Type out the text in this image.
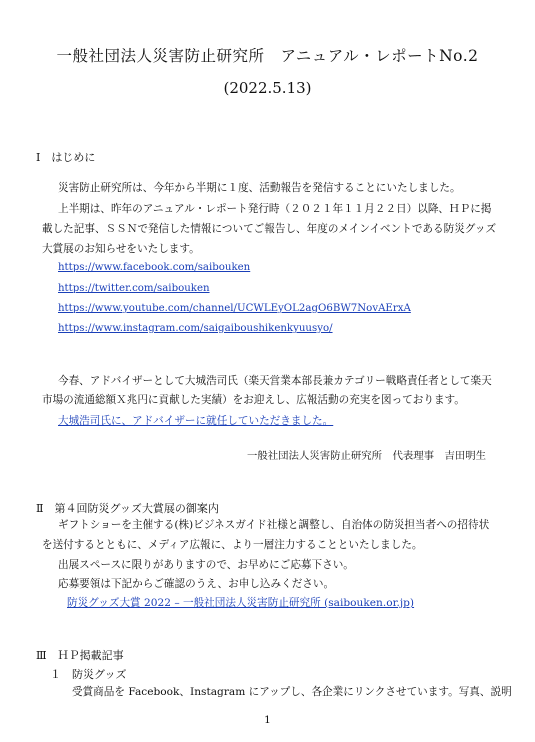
一般社団法人災害防止研究所　アニュアル・レポートNo.2
(2022.5.13)
Ⅰ　はじめに
災害防止研究所は、今年から半期に１度、活動報告を発信することにいたしました。
上半期は、昨年のアニュアル・レポート発行時（２０２１年１１月２２日）以降、ＨＰに掲
載した記事、ＳＳＮで発信した情報についてご報告し、年度のメインイベントである防災グッズ
大賞展のお知らせをいたします。
https://www.facebook.com/saibouken
https://twitter.com/saibouken
https://www.youtube.com/channel/UCWLEyOL2agO6BW7NovAErxA
https://www.instagram.com/saigaiboushikenkyuusyo/
今春、アドバイザーとして大城浩司氏（楽天営業本部長兼カテゴリー戦略責任者として楽天
市場の流通総額Ｘ兆円に貢献した実績）をお迎えし、広報活動の充実を図っております。
大城浩司氏に、アドバイザーに就任していただきました。
一般社団法人災害防止研究所　代表理事　吉田明生
Ⅱ　第４回防災グッズ大賞展の御案内
ギフトショーを主催する(株)ビジネスガイド社様と調整し、自治体の防災担当者への招待状
を送付するとともに、メディア広報に、より一層注力することといたしました。
出展スペースに限りがありますので、お早めにご応募下さい。
応募要領は下記からご確認のうえ、お申し込みください。
防災グッズ大賞 2022 – 一般社団法人災害防止研究所 (saibouken.or.jp)
Ⅲ　ＨＰ掲載記事
１　防災グッズ
受賞商品を Facebook、Instagram にアップし、各企業にリンクさせています。写真、説明
1
